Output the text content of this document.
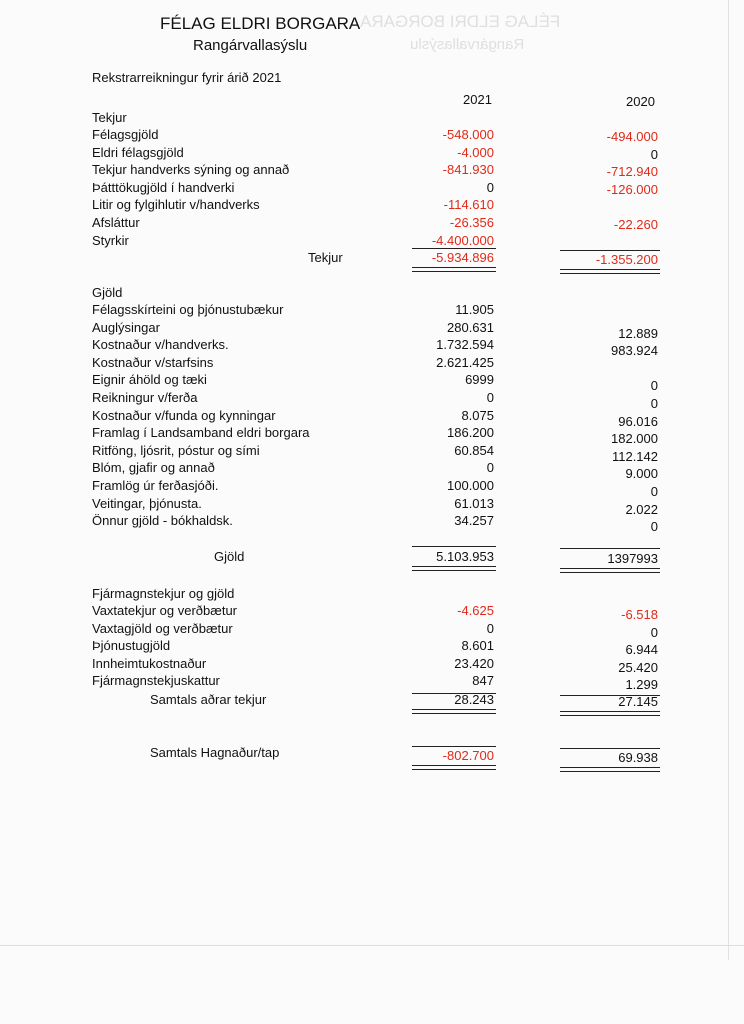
FÉLAG ELDRI BORGARA
Rangárvallasýslu
FÉLAG ELDRI BORGARA
Rangárvallasýslu
Rekstrarreikningur fyrir árið 2021
2021	2020
Tekjur
Félagsgjöld	-548.000	-494.000
Eldri félagsgjöld	-4.000	0
Tekjur handverks sýning og annað	-841.930	-712.940
Þátttökugjöld í handverki	0	-126.000
Litir og fylgihlutir v/handverks	-114.610
Afsláttur	-26.356	-22.260
Styrkir	-4.400.000
Tekjur	-5.934.896	-1.355.200
Gjöld
Félagsskírteini og þjónustubækur	11.905
Auglýsingar	280.631	12.889
Kostnaður v/handverks.	1.732.594	983.924
Kostnaður v/starfsins	2.621.425
Eignir áhöld og tæki	6999	0
Reikningur v/ferða	0	0
Kostnaður v/funda og kynningar	8.075	96.016
Framlag í Landsamband eldri borgara	186.200	182.000
Ritföng, ljósrit, póstur og sími	60.854	112.142
Blóm, gjafir og annað	0	9.000
Framlög úr ferðasjóði.	100.000	0
Veitingar, þjónusta.	61.013	2.022
Önnur gjöld - bókhaldsk.	34.257	0
Gjöld	5.103.953	1397993
Fjármagnstekjur og gjöld
Vaxtatekjur og verðbætur	-4.625	-6.518
Vaxtagjöld og verðbætur	0	0
Þjónustugjöld	8.601	6.944
Innheimtukostnaður	23.420	25.420
Fjármagnstekjuskattur	847	1.299
Samtals aðrar tekjur	28.243	27.145
Samtals Hagnaður/tap	-802.700	69.938
